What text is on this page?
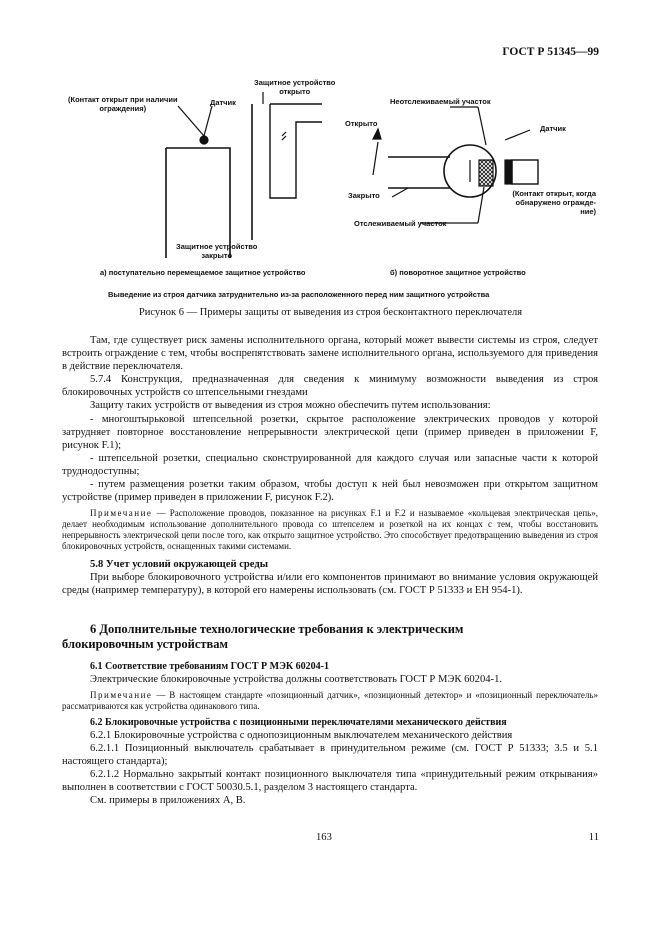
ГОСТ Р 51345—99
(Контакт открыт при наличии
ограждения)
Датчик
Защитное устройство
открыто
Защитное устройство
закрыто
Неотслеживаемый участок
Открыто
Закрыто
Датчик
(Контакт открыт, когда
обнаружено огражде-
ние)
Отслеживаемый участок
а) поступательно перемещаемое защитное устройство	б) поворотное защитное устройство
Выведение из строя датчика затруднительно из-за расположенного перед ним защитного устройства
Рисунок 6 — Примеры защиты от выведения из строя бесконтактного переключателя

Там, где существует риск замены исполнительного органа, который может вывести системы из строя, следует встроить ограждение с тем, чтобы воспрепятствовать замене исполнительного органа, используемого для приведения в действие переключателя.

5.7.4 Конструкция, предназначенная для сведения к минимуму возможности выведения из строя блокировочных устройств со штепсельными гнездами

Защиту таких устройств от выведения из строя можно обеспечить путем использования:

- многоштырьковой штепсельной розетки, скрытое расположение электрических проводов у которой затрудняет повторное восстановление непрерывности электрической цепи (пример приведен в приложении F, рисунок F.1);

- штепсельной розетки, специально сконструированной для каждого случая или запасные части к которой труднодоступны;

- путем размещения розетки таким образом, чтобы доступ к ней был невозможен при открытом защитном устройстве (пример приведен в приложении F, рисунок F.2).

Примечание — Расположение проводов, показанное на рисунках F.1 и F.2 и называемое «кольцевая электрическая цепь», делает необходимым использование дополнительного провода со штепселем и розеткой на их концах с тем, чтобы восстановить непрерывность электрической цепи после того, как открыто защитное устройство. Это способствует предотвращению выведения из строя блокировочных устройств, оснащенных такими системами.

5.8 Учет условий окружающей среды

При выборе блокировочного устройства и/или его компонентов принимают во внимание условия окружающей среды (например температуру), в которой его намерены использовать (см. ГОСТ Р 51333 и ЕН 954-1).

6 Дополнительные технологические требования к электрическим
блокировочным устройствам

6.1 Соответствие требованиям ГОСТ Р МЭК 60204-1

Электрические блокировочные устройства должны соответствовать ГОСТ Р МЭК 60204-1.

Примечание — В настоящем стандарте «позиционный датчик», «позиционный детектор» и «позиционный переключатель» рассматриваются как устройства одинакового типа.

6.2 Блокировочные устройства с позиционными переключателями механического действия

6.2.1 Блокировочные устройства с однопозиционным выключателем механического действия

6.2.1.1 Позиционный выключатель срабатывает в принудительном режиме (см. ГОСТ Р 51333; 3.5 и 5.1 настоящего стандарта);

6.2.1.2 Нормально закрытый контакт позиционного выключателя типа «принудительный режим открывания» выполнен в соответствии с ГОСТ 50030.5.1, разделом 3 настоящего стандарта.

См. примеры в приложениях А, В.

163	11
